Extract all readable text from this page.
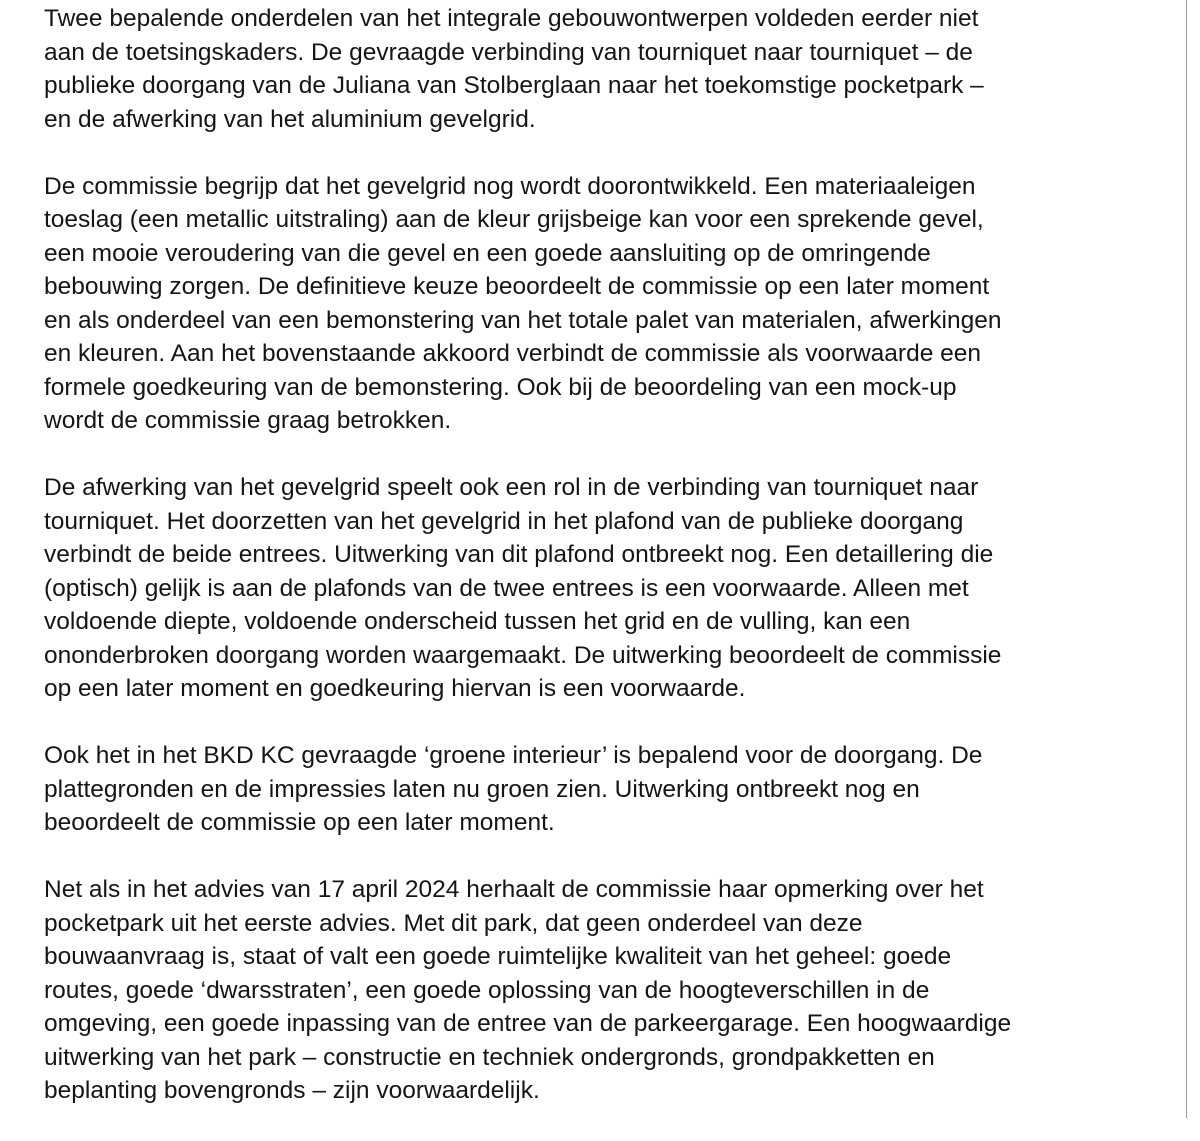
Twee bepalende onderdelen van het integrale gebouwontwerpen voldeden eerder niet
aan de toetsingskaders. De gevraagde verbinding van tourniquet naar tourniquet – de
publieke doorgang van de Juliana van Stolberglaan naar het toekomstige pocketpark –
en de afwerking van het aluminium gevelgrid.

De commissie begrijp dat het gevelgrid nog wordt doorontwikkeld. Een materiaaleigen
toeslag (een metallic uitstraling) aan de kleur grijsbeige kan voor een sprekende gevel,
een mooie veroudering van die gevel en een goede aansluiting op de omringende
bebouwing zorgen. De definitieve keuze beoordeelt de commissie op een later moment
en als onderdeel van een bemonstering van het totale palet van materialen, afwerkingen
en kleuren. Aan het bovenstaande akkoord verbindt de commissie als voorwaarde een
formele goedkeuring van de bemonstering. Ook bij de beoordeling van een mock-up
wordt de commissie graag betrokken.

De afwerking van het gevelgrid speelt ook een rol in de verbinding van tourniquet naar
tourniquet. Het doorzetten van het gevelgrid in het plafond van de publieke doorgang
verbindt de beide entrees. Uitwerking van dit plafond ontbreekt nog. Een detaillering die
(optisch) gelijk is aan de plafonds van de twee entrees is een voorwaarde. Alleen met
voldoende diepte, voldoende onderscheid tussen het grid en de vulling, kan een
ononderbroken doorgang worden waargemaakt. De uitwerking beoordeelt de commissie
op een later moment en goedkeuring hiervan is een voorwaarde.

Ook het in het BKD KC gevraagde ‘groene interieur’ is bepalend voor de doorgang. De
plattegronden en de impressies laten nu groen zien. Uitwerking ontbreekt nog en
beoordeelt de commissie op een later moment.

Net als in het advies van 17 april 2024 herhaalt de commissie haar opmerking over het
pocketpark uit het eerste advies. Met dit park, dat geen onderdeel van deze
bouwaanvraag is, staat of valt een goede ruimtelijke kwaliteit van het geheel: goede
routes, goede ‘dwarsstraten’, een goede oplossing van de hoogteverschillen in de
omgeving, een goede inpassing van de entree van de parkeergarage. Een hoogwaardige
uitwerking van het park – constructie en techniek ondergronds, grondpakketten en
beplanting bovengronds – zijn voorwaardelijk.
